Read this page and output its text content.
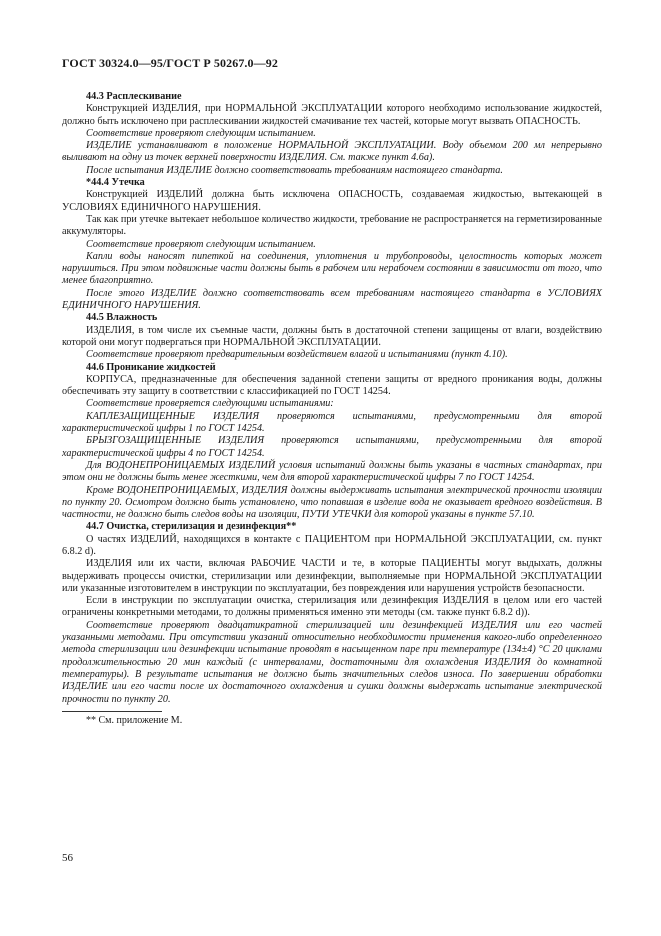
ГОСТ 30324.0—95/ГОСТ Р 50267.0—92

44.3 Расплескивание

Конструкцией ИЗДЕЛИЯ, при НОРМАЛЬНОЙ ЭКСПЛУАТАЦИИ которого необходимо использование жидкостей, должно быть исключено при расплескивании жидкостей смачивание тех частей, которые могут вызвать ОПАСНОСТЬ.

Соответствие проверяют следующим испытанием.

ИЗДЕЛИЕ устанавливают в положение НОРМАЛЬНОЙ ЭКСПЛУАТАЦИИ. Воду объемом 200 мл непрерывно выливают на одну из точек верхней поверхности ИЗДЕЛИЯ. См. также пункт 4.6а).

После испытания ИЗДЕЛИЕ должно соответствовать требованиям настоящего стандарта.

*44.4 Утечка

Конструкцией ИЗДЕЛИЙ должна быть исключена ОПАСНОСТЬ, создаваемая жидкостью, вытекающей в УСЛОВИЯХ ЕДИНИЧНОГО НАРУШЕНИЯ.

Так как при утечке вытекает небольшое количество жидкости, требование не распространяется на герметизированные аккумуляторы.

Соответствие проверяют следующим испытанием.

Капли воды наносят пипеткой на соединения, уплотнения и трубопроводы, целостность которых может нарушиться. При этом подвижные части должны быть в рабочем или нерабочем состоянии в зависимости от того, что менее благоприятно.

После этого ИЗДЕЛИЕ должно соответствовать всем требованиям настоящего стандарта в УСЛОВИЯХ ЕДИНИЧНОГО НАРУШЕНИЯ.

44.5 Влажность

ИЗДЕЛИЯ, в том числе их съемные части, должны быть в достаточной степени защищены от влаги, воздействию которой они могут подвергаться при НОРМАЛЬНОЙ ЭКСПЛУАТАЦИИ.

Соответствие проверяют предварительным воздействием влагой и испытаниями (пункт 4.10).

44.6 Проникание жидкостей

КОРПУСА, предназначенные для обеспечения заданной степени защиты от вредного проникания воды, должны обеспечивать эту защиту в соответствии с классификацией по ГОСТ 14254.

Соответствие проверяется следующими испытаниями:

КАПЛЕЗАЩИЩЕННЫЕ ИЗДЕЛИЯ проверяются испытаниями, предусмотренными для второй характеристической цифры 1 по ГОСТ 14254.

БРЫЗГОЗАЩИЩЕННЫЕ ИЗДЕЛИЯ проверяются испытаниями, предусмотренными для второй характеристической цифры 4 по ГОСТ 14254.

Для ВОДОНЕПРОНИЦАЕМЫХ ИЗДЕЛИЙ условия испытаний должны быть указаны в частных стандартах, при этом они не должны быть менее жесткими, чем для второй характеристической цифры 7 по ГОСТ 14254.

Кроме ВОДОНЕПРОНИЦАЕМЫХ, ИЗДЕЛИЯ должны выдерживать испытания электрической прочности изоляции по пункту 20. Осмотром должно быть установлено, что попавшая в изделие вода не оказывает вредного воздействия. В частности, не должно быть следов воды на изоляции, ПУТИ УТЕЧКИ для которой указаны в пункте 57.10.

44.7 Очистка, стерилизация и дезинфекция**

О частях ИЗДЕЛИЙ, находящихся в контакте с ПАЦИЕНТОМ при НОРМАЛЬНОЙ ЭКСПЛУАТАЦИИ, см. пункт 6.8.2 d).

ИЗДЕЛИЯ или их части, включая РАБОЧИЕ ЧАСТИ и те, в которые ПАЦИЕНТЫ могут выдыхать, должны выдерживать процессы очистки, стерилизации или дезинфекции, выполняемые при НОРМАЛЬНОЙ ЭКСПЛУАТАЦИИ или указанные изготовителем в инструкции по эксплуатации, без повреждения или нарушения устройств безопасности.

Если в инструкции по эксплуатации очистка, стерилизация или дезинфекция ИЗДЕЛИЯ в целом или его частей ограничены конкретными методами, то должны применяться именно эти методы (см. также пункт 6.8.2 d)).

Соответствие проверяют двадцатикратной стерилизацией или дезинфекцией ИЗДЕЛИЯ или его частей указанными методами. При отсутствии указаний относительно необходимости применения какого-либо определенного метода стерилизации или дезинфекции испытание проводят в насыщенном паре при температуре (134±4) °С 20 циклами продолжительностью 20 мин каждый (с интервалами, достаточными для охлаждения ИЗДЕЛИЯ до комнатной температуры). В результате испытания не должно быть значительных следов износа. По завершении обработки ИЗДЕЛИЕ или его части после их достаточного охлаждения и сушки должны выдержать испытание электрической прочности по пункту 20.

** См. приложение М.

56
